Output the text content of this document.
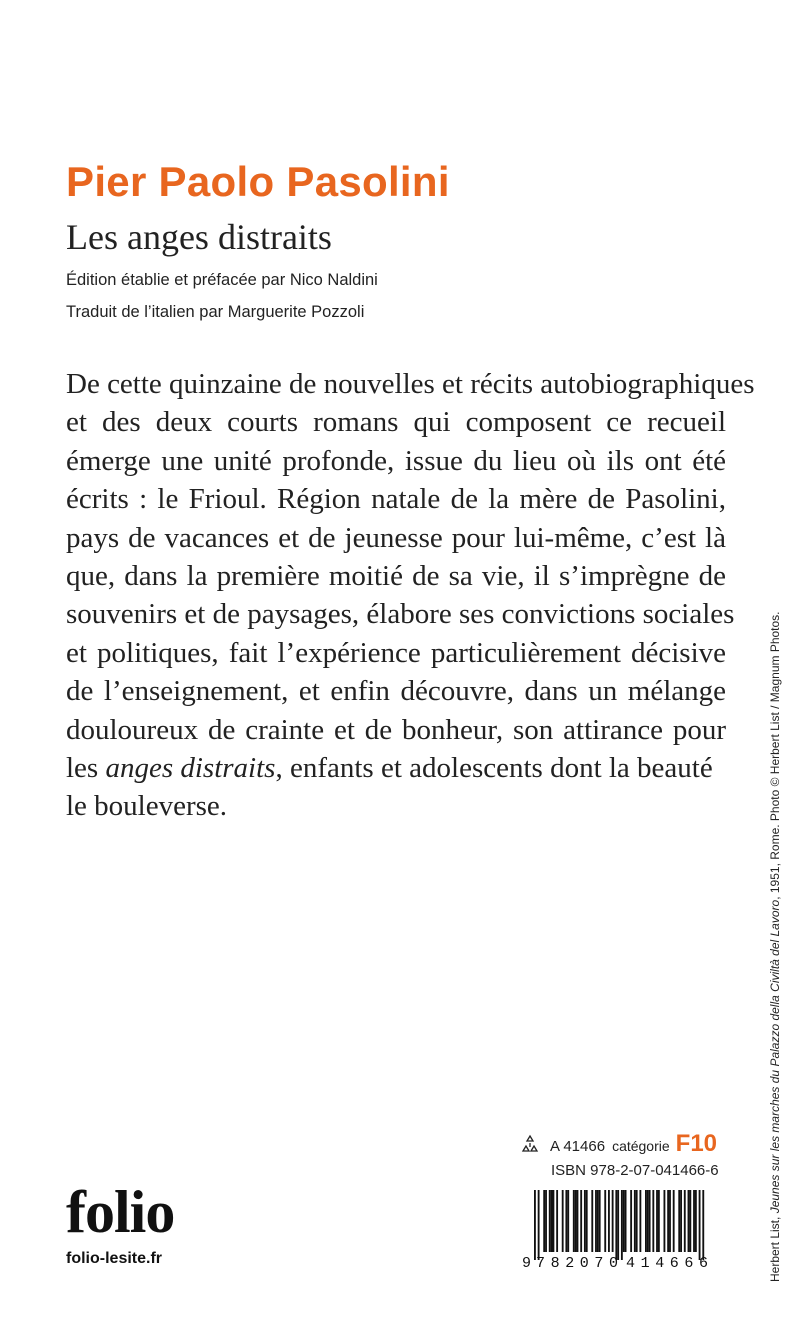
Pier Paolo Pasolini
Les anges distraits
Édition établie et préfacée par Nico Naldini
Traduit de l’italien par Marguerite Pozzoli
De cette quinzaine de nouvelles et récits autobiographiques
et des deux courts romans qui composent ce recueil
émerge une unité profonde, issue du lieu où ils ont été
écrits : le Frioul. Région natale de la mère de Pasolini,
pays de vacances et de jeunesse pour lui-même, c’est là
que, dans la première moitié de sa vie, il s’imprègne de
souvenirs et de paysages, élabore ses convictions sociales
et politiques, fait l’expérience particulièrement décisive
de l’enseignement, et enfin découvre, dans un mélange
douloureux de crainte et de bonheur, son attirance pour
les anges distraits, enfants et adolescents dont la beauté
le bouleverse.
Herbert List, Jeunes sur les marches du Palazzo della Civiltà del Lavoro, 1951, Rome. Photo © Herbert List / Magnum Photos.
A 41466 catégorie F10
ISBN 978-2-07-041466-6
9 782070 414666
folio
folio-lesite.fr
